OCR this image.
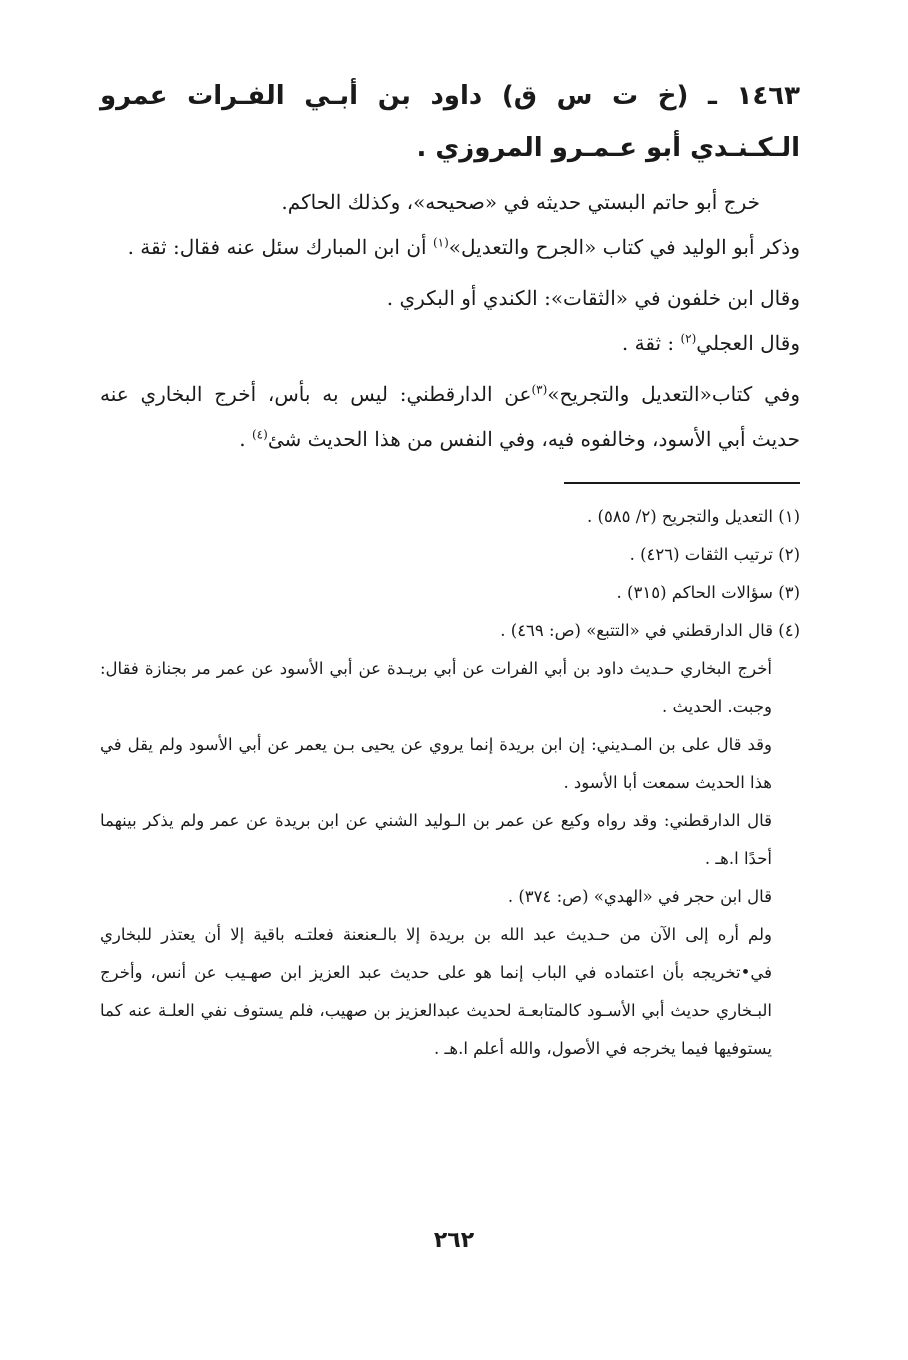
١٤٦٣ ـ (خ ت س ق) داود بن أبـي الفـرات عمرو الـكـنـدي أبو عـمـرو المروزي .

خرج أبو حاتم البستي حديثه في «صحيحه»، وكذلك الحاكم.

وذكر أبو الوليد في كتاب «الجرح والتعديل»$^{(١)}$ أن ابن المبارك سئل عنه فقال: ثقة .

وقال ابن خلفون في «الثقات»: الكندي أو البكري .

وقال العجلي$^{(٢)}$ : ثقة .

وفي كتاب«التعديل والتجريح»$^{(٣)}$عن الدارقطني: ليس به بأس، أخرج البخاري عنه حديث أبي الأسود، وخالفوه فيه، وفي النفس من هذا الحديث شئ$^{(٤)}$ .

(١) التعديل والتجريح (٢/ ٥٨٥) .

(٢) ترتيب الثقات (٤٢٦) .

(٣) سؤالات الحاكم (٣١٥) .

(٤) قال الدارقطني في «التتبع» (ص: ٤٦٩) .

أخرج البخاري حـديث داود بن أبي الفرات عن أبي بريـدة عن أبي الأسود عن عمر مر بجنازة فقال: وجبت. الحديث .

وقد قال على بن المـديني: إن ابن بريدة إنما يروي عن يحيى بـن يعمر عن أبي الأسود ولم يقل في هذا الحديث سمعت أبا الأسود .

قال الدارقطني: وقد رواه وكيع عن عمر بن الـوليد الشني عن ابن بريدة عن عمر ولم يذكر بينهما أحدًا ا.هـ .

قال ابن حجر في «الهدي» (ص: ٣٧٤) .

ولم أره إلى الآن من حـديث عبد الله بن بريدة إلا بالـعنعنة فعلتـه باقية إلا أن يعتذر للبخاري في•تخريجه بأن اعتماده في الباب إنما هو على حديث عبد العزيز ابن صهـيب عن أنس، وأخرج البـخاري حديث أبي الأسـود كالمتابعـة لحديث عبدالعزيز بن صهيب، فلم يستوف نفي العلـة عنه كما يستوفيها فيما يخرجه في الأصول، والله أعلم ا.هـ .

٢٦٢
